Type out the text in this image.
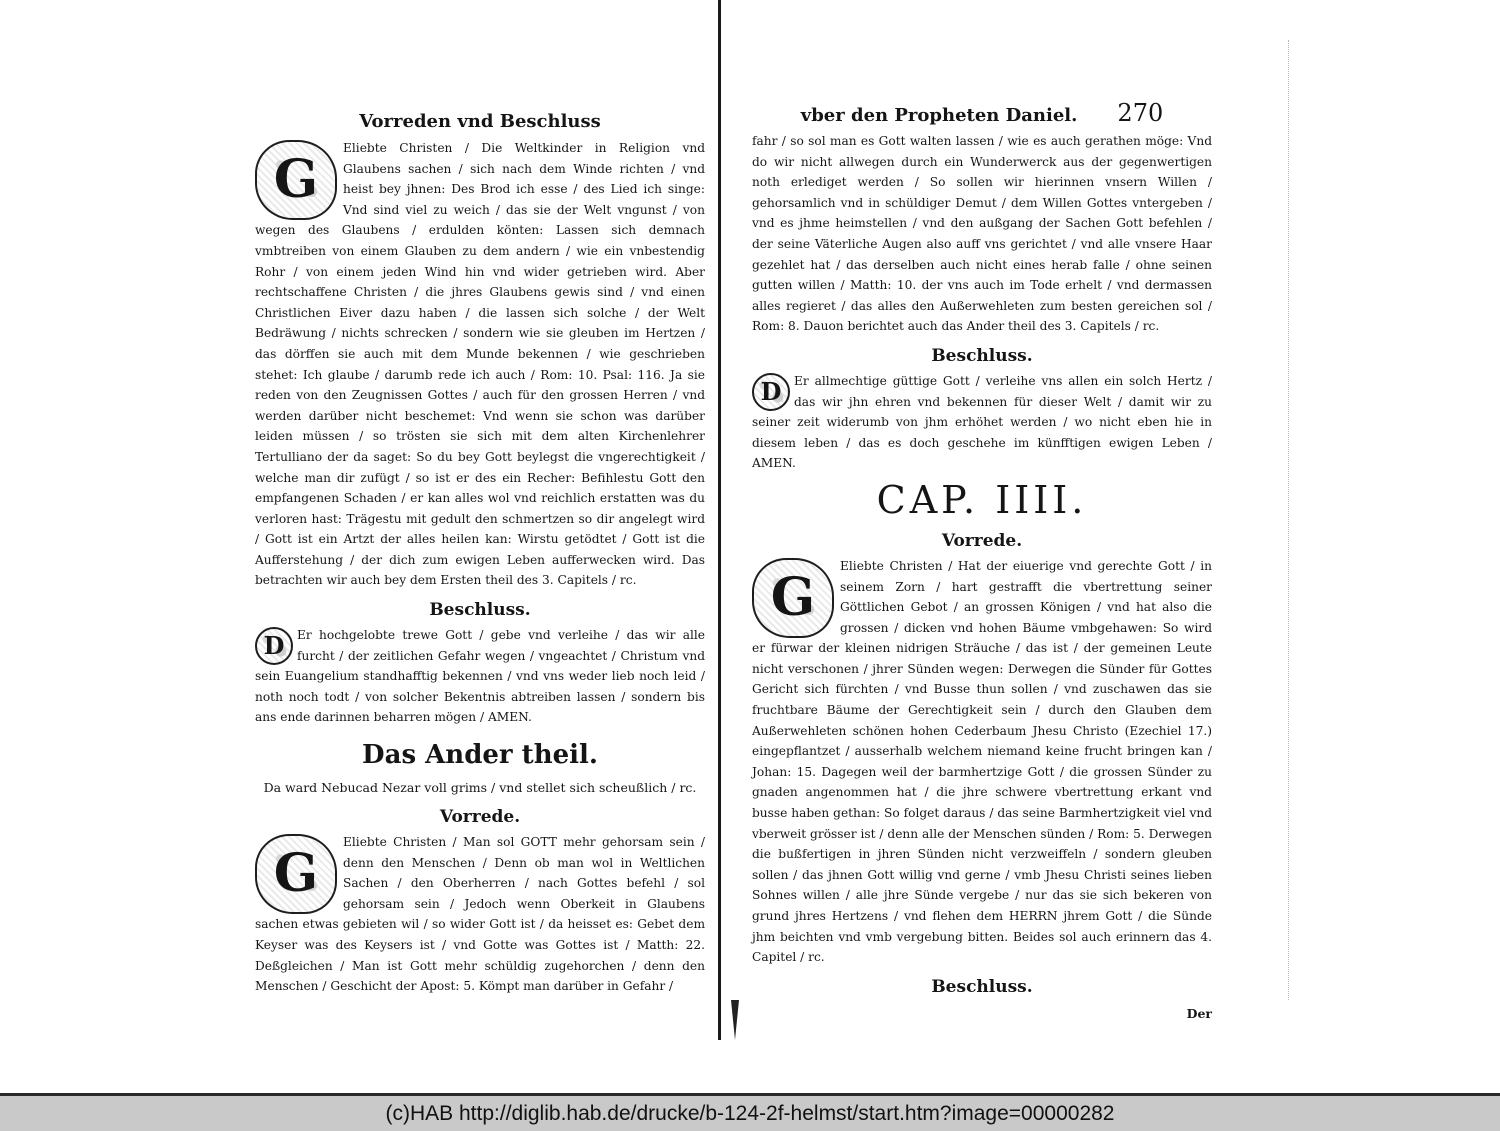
Vorreden vnd Beschluss
G

Eliebte Christen / Die Weltkinder in Religion vnd Glaubens sachen / sich nach dem Winde richten / vnd heist bey jhnen: Des Brod ich esse / des Lied ich singe: Vnd sind viel zu weich / das sie der Welt vngunst / von wegen des Glaubens / erdulden könten: Lassen sich demnach vmbtreiben von einem Glauben zu dem andern / wie ein vnbestendig Rohr / von einem jeden Wind hin vnd wider getrieben wird. Aber rechtschaffene Christen / die jhres Glaubens gewis sind / vnd einen Christlichen Eiver dazu haben / die lassen sich solche / der Welt Bedräwung / nichts schrecken / sondern wie sie gleuben im Hertzen / das dörffen sie auch mit dem Munde bekennen / wie geschrieben stehet: Ich glaube / darumb rede ich auch / Rom: 10. Psal: 116. Ja sie reden von den Zeugnissen Gottes / auch für den grossen Herren / vnd werden darüber nicht beschemet: Vnd wenn sie schon was darüber leiden müssen / so trösten sie sich mit dem alten Kirchenlehrer Tertulliano der da saget: So du bey Gott beylegst die vngerechtigkeit / welche man dir zufügt / so ist er des ein Recher: Befihlestu Gott den empfangenen Schaden / er kan alles wol vnd reichlich erstatten was du verloren hast: Trägestu mit gedult den schmertzen so dir angelegt wird / Gott ist ein Artzt der alles heilen kan: Wirstu getödtet / Gott ist die Aufferstehung / der dich zum ewigen Leben aufferwecken wird. Das betrachten wir auch bey dem Ersten theil des 3. Capitels / rc.

Beschluss.
D	Er hochgelobte trewe Gott / gebe vnd verleihe / das wir alle furcht / der zeitlichen Gefahr wegen / vngeachtet / Christum vnd sein Euangelium standhafftig bekennen / vnd vns weder lieb noch leid / noth noch todt / von solcher Bekentnis abtreiben lassen / sondern bis ans ende darinnen beharren mögen / AMEN.

Das Ander theil.
Da ward Nebucad Nezar voll grims / vnd stellet sich scheußlich / rc.
Vorrede.
G

Eliebte Christen / Man sol GOTT mehr gehorsam sein / denn den Menschen / Denn ob man wol in Weltlichen Sachen / den Oberherren / nach Gottes befehl / sol gehorsam sein / Jedoch wenn Oberkeit in Glaubens sachen etwas gebieten wil / so wider Gott ist / da heisset es: Gebet dem Keyser was des Keysers ist / vnd Gotte was Gottes ist / Matth: 22. Deßgleichen / Man ist Gott mehr schüldig zugehorchen / denn den Menschen / Geschicht der Apost: 5. Kömpt man darüber in Gefahr /

vber den Propheten Daniel. 270

fahr / so sol man es Gott walten lassen / wie es auch gerathen möge: Vnd do wir nicht allwegen durch ein Wunderwerck aus der gegenwertigen noth erlediget werden / So sollen wir hierinnen vnsern Willen / gehorsamlich vnd in schüldiger Demut / dem Willen Gottes vntergeben / vnd es jhme heimstellen / vnd den außgang der Sachen Gott befehlen / der seine Väterliche Augen also auff vns gerichtet / vnd alle vnsere Haar gezehlet hat / das derselben auch nicht eines herab falle / ohne seinen gutten willen / Matth: 10. der vns auch im Tode erhelt / vnd dermassen alles regieret / das alles den Außerwehleten zum besten gereichen sol / Rom: 8. Dauon berichtet auch das Ander theil des 3. Capitels / rc.

Beschluss.
D	Er allmechtige güttige Gott / verleihe vns allen ein solch Hertz / das wir jhn ehren vnd bekennen für dieser Welt / damit wir zu seiner zeit widerumb von jhm erhöhet werden / wo nicht eben hie in diesem leben / das es doch geschehe im künfftigen ewigen Leben / AMEN.

CAP. IIII.
Vorrede.
G

Eliebte Christen / Hat der eiuerige vnd gerechte Gott / in seinem Zorn / hart gestrafft die vbertrettung seiner Göttlichen Gebot / an grossen Königen / vnd hat also die grossen / dicken vnd hohen Bäume vmbgehawen: So wird er fürwar der kleinen nidrigen Sträuche / das ist / der gemeinen Leute nicht verschonen / jhrer Sünden wegen: Derwegen die Sünder für Gottes Gericht sich fürchten / vnd Busse thun sollen / vnd zuschawen das sie fruchtbare Bäume der Gerechtigkeit sein / durch den Glauben dem Außerwehleten schönen hohen Cederbaum Jhesu Christo (Ezechiel 17.) eingepflantzet / ausserhalb welchem niemand keine frucht bringen kan / Johan: 15. Dagegen weil der barmhertzige Gott / die grossen Sünder zu gnaden angenommen hat / die jhre schwere vbertrettung erkant vnd busse haben gethan: So folget daraus / das seine Barmhertzigkeit viel vnd vberweit grösser ist / denn alle der Menschen sünden / Rom: 5. Derwegen die bußfertigen in jhren Sünden nicht verzweiffeln / sondern gleuben sollen / das jhnen Gott willig vnd gerne / vmb Jhesu Christi seines lieben Sohnes willen / alle jhre Sünde vergebe / nur das sie sich bekeren von grund jhres Hertzens / vnd flehen dem HERRN jhrem Gott / die Sünde jhm beichten vnd vmb vergebung bitten. Beides sol auch erinnern das 4. Capitel / rc.

Beschluss.
Der
(c)HAB http://diglib.hab.de/drucke/b-124-2f-helmst/start.htm?image=00000282
